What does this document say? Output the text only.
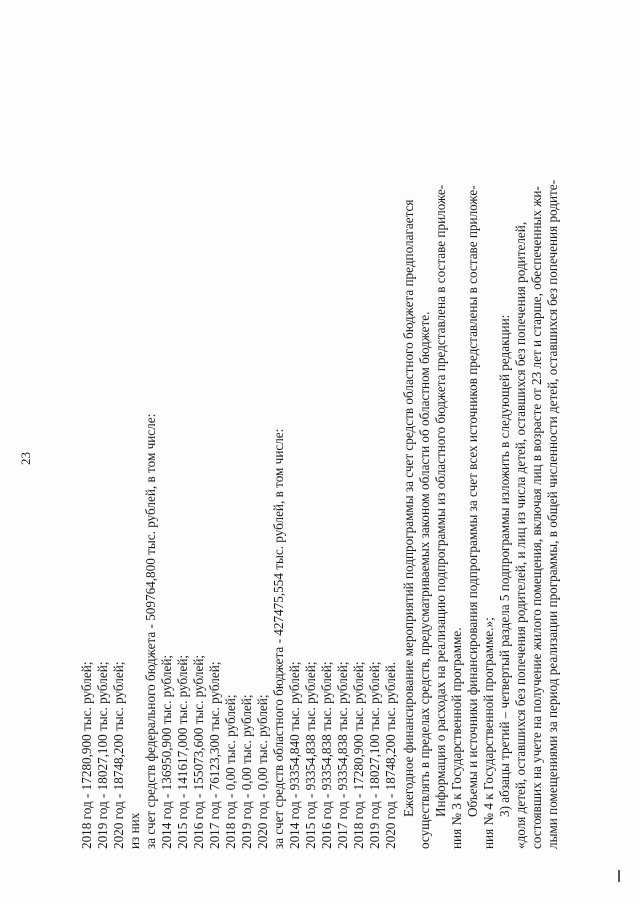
23
2018 год - 17280,900 тыс. рублей; 2019 год - 18027,100 тыс. рублей; 2020 год - 18748,200 тыс. рублей; из них за счет средств федерального бюджета - 509764,800 тыс. рублей, в том числе: 2014 год - 136950,900 тыс. рублей; 2015 год - 141617,000 тыс. рублей; 2016 год - 155073,600 тыс. рублей; 2017 год - 76123,300 тыс. рублей; 2018 год - 0,00 тыс. рублей; 2019 год - 0,00 тыс. рублей; 2020 год - 0,00 тыс. рублей; за счет средств областного бюджета - 427475,554 тыс. рублей, в том числе: 2014 год - 93354,840 тыс. рублей; 2015 год - 93354,838 тыс. рублей; 2016 год - 93354,838 тыс. рублей; 2017 год - 93354,838 тыс. рублей; 2018 год - 17280,900 тыс. рублей; 2019 год - 18027,100 тыс. рублей; 2020 год - 18748,200 тыс. рублей. Ежегодное финансирование мероприятий подпрограммы за счет средств областного бюджета предполагается осуществлять в пределах средств, предусматриваемых законом области об областном бюджете. Информация о расходах на реализацию подпрограммы из областного бюджета представлена в составе приложе- ния № 3 к Государственной программе. Объемы и источники финансирования подпрограммы за счет всех источников представлены в составе приложе- ния № 4 к Государственной программе.»; 3) абзацы третий – четвертый раздела 5 подпрограммы изложить в следующей редакции: «доля детей, оставшихся без попечения родителей, и лиц из числа детей, оставшихся без попечения родителей, состоявших на учете на получение жилого помещения, включая лиц в возрасте от 23 лет и старше, обеспеченных жи- лыми помещениями за период реализации программы, в общей численности детей, оставшихся без попечения родите-
